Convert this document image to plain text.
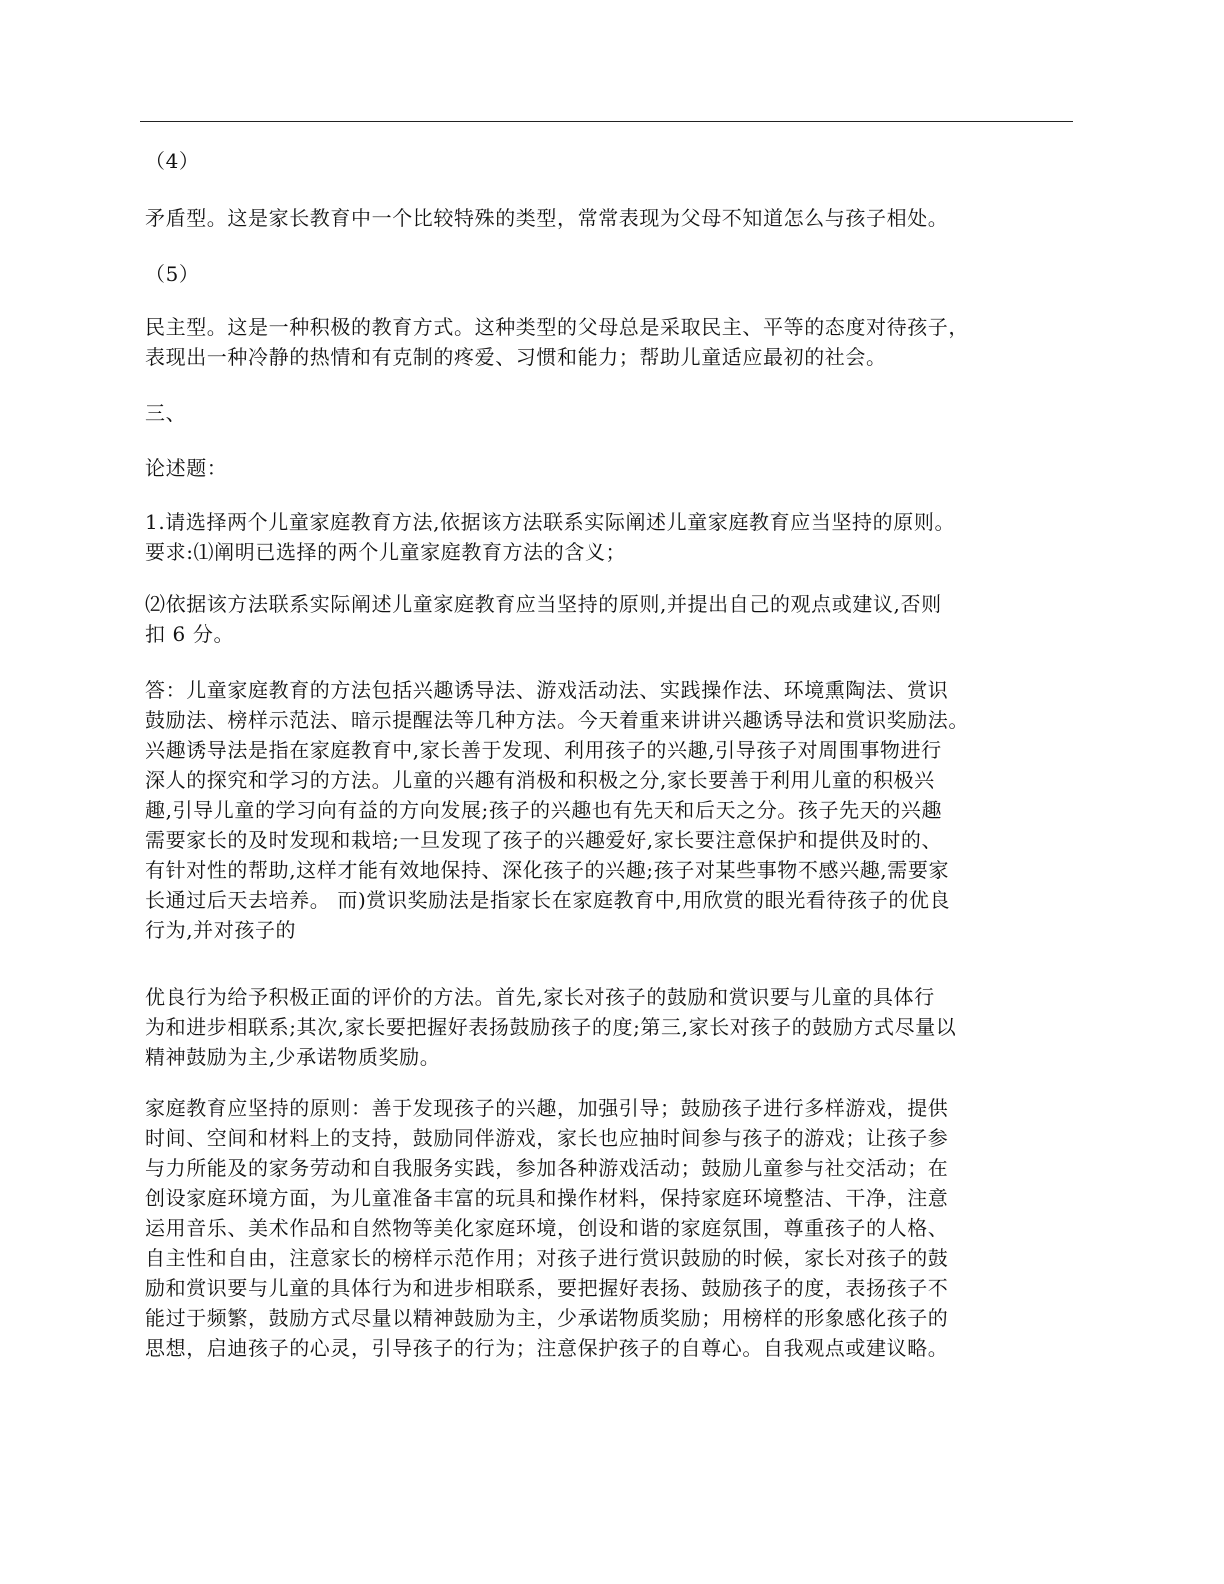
（4）

矛盾型。这是家长教育中一个比较特殊的类型，常常表现为父母不知道怎么与孩子相处。

（5）

民主型。这是一种积极的教育方式。这种类型的父母总是采取民主、平等的态度对待孩子，
表现出一种冷静的热情和有克制的疼爱、习惯和能力；帮助儿童适应最初的社会。

三、

论述题：

1.请选择两个儿童家庭教育方法,依据该方法联系实际阐述儿童家庭教育应当坚持的原则。
要求:⑴阐明已选择的两个儿童家庭教育方法的含义；

⑵依据该方法联系实际阐述儿童家庭教育应当坚持的原则,并提出自己的观点或建议,否则
扣 6 分。

答：儿童家庭教育的方法包括兴趣诱导法、游戏活动法、实践操作法、环境熏陶法、赏识
鼓励法、榜样示范法、暗示提醒法等几种方法。今天着重来讲讲兴趣诱导法和赏识奖励法。
兴趣诱导法是指在家庭教育中,家长善于发现、利用孩子的兴趣,引导孩子对周围事物进行
深人的探究和学习的方法。儿童的兴趣有消极和积极之分,家长要善于利用儿童的积极兴
趣,引导儿童的学习向有益的方向发展;孩子的兴趣也有先天和后天之分。孩子先天的兴趣
需要家长的及时发现和栽培;一旦发现了孩子的兴趣爱好,家长要注意保护和提供及时的、
有针对性的帮助,这样才能有效地保持、深化孩子的兴趣;孩子对某些事物不感兴趣,需要家
长通过后天去培养。 而)赏识奖励法是指家长在家庭教育中,用欣赏的眼光看待孩子的优良
行为,并对孩子的

优良行为给予积极正面的评价的方法。首先,家长对孩子的鼓励和赏识要与儿童的具体行
为和进步相联系;其次,家长要把握好表扬鼓励孩子的度;第三,家长对孩子的鼓励方式尽量以
精神鼓励为主,少承诺物质奖励。

家庭教育应坚持的原则：善于发现孩子的兴趣，加强引导；鼓励孩子进行多样游戏，提供
时间、空间和材料上的支持，鼓励同伴游戏，家长也应抽时间参与孩子的游戏；让孩子参
与力所能及的家务劳动和自我服务实践，参加各种游戏活动；鼓励儿童参与社交活动；在
创设家庭环境方面，为儿童准备丰富的玩具和操作材料，保持家庭环境整洁、干净，注意
运用音乐、美术作品和自然物等美化家庭环境，创设和谐的家庭氛围，尊重孩子的人格、
自主性和自由，注意家长的榜样示范作用；对孩子进行赏识鼓励的时候，家长对孩子的鼓
励和赏识要与儿童的具体行为和进步相联系，要把握好表扬、鼓励孩子的度，表扬孩子不
能过于频繁，鼓励方式尽量以精神鼓励为主，少承诺物质奖励；用榜样的形象感化孩子的
思想，启迪孩子的心灵，引导孩子的行为；注意保护孩子的自尊心。自我观点或建议略。
